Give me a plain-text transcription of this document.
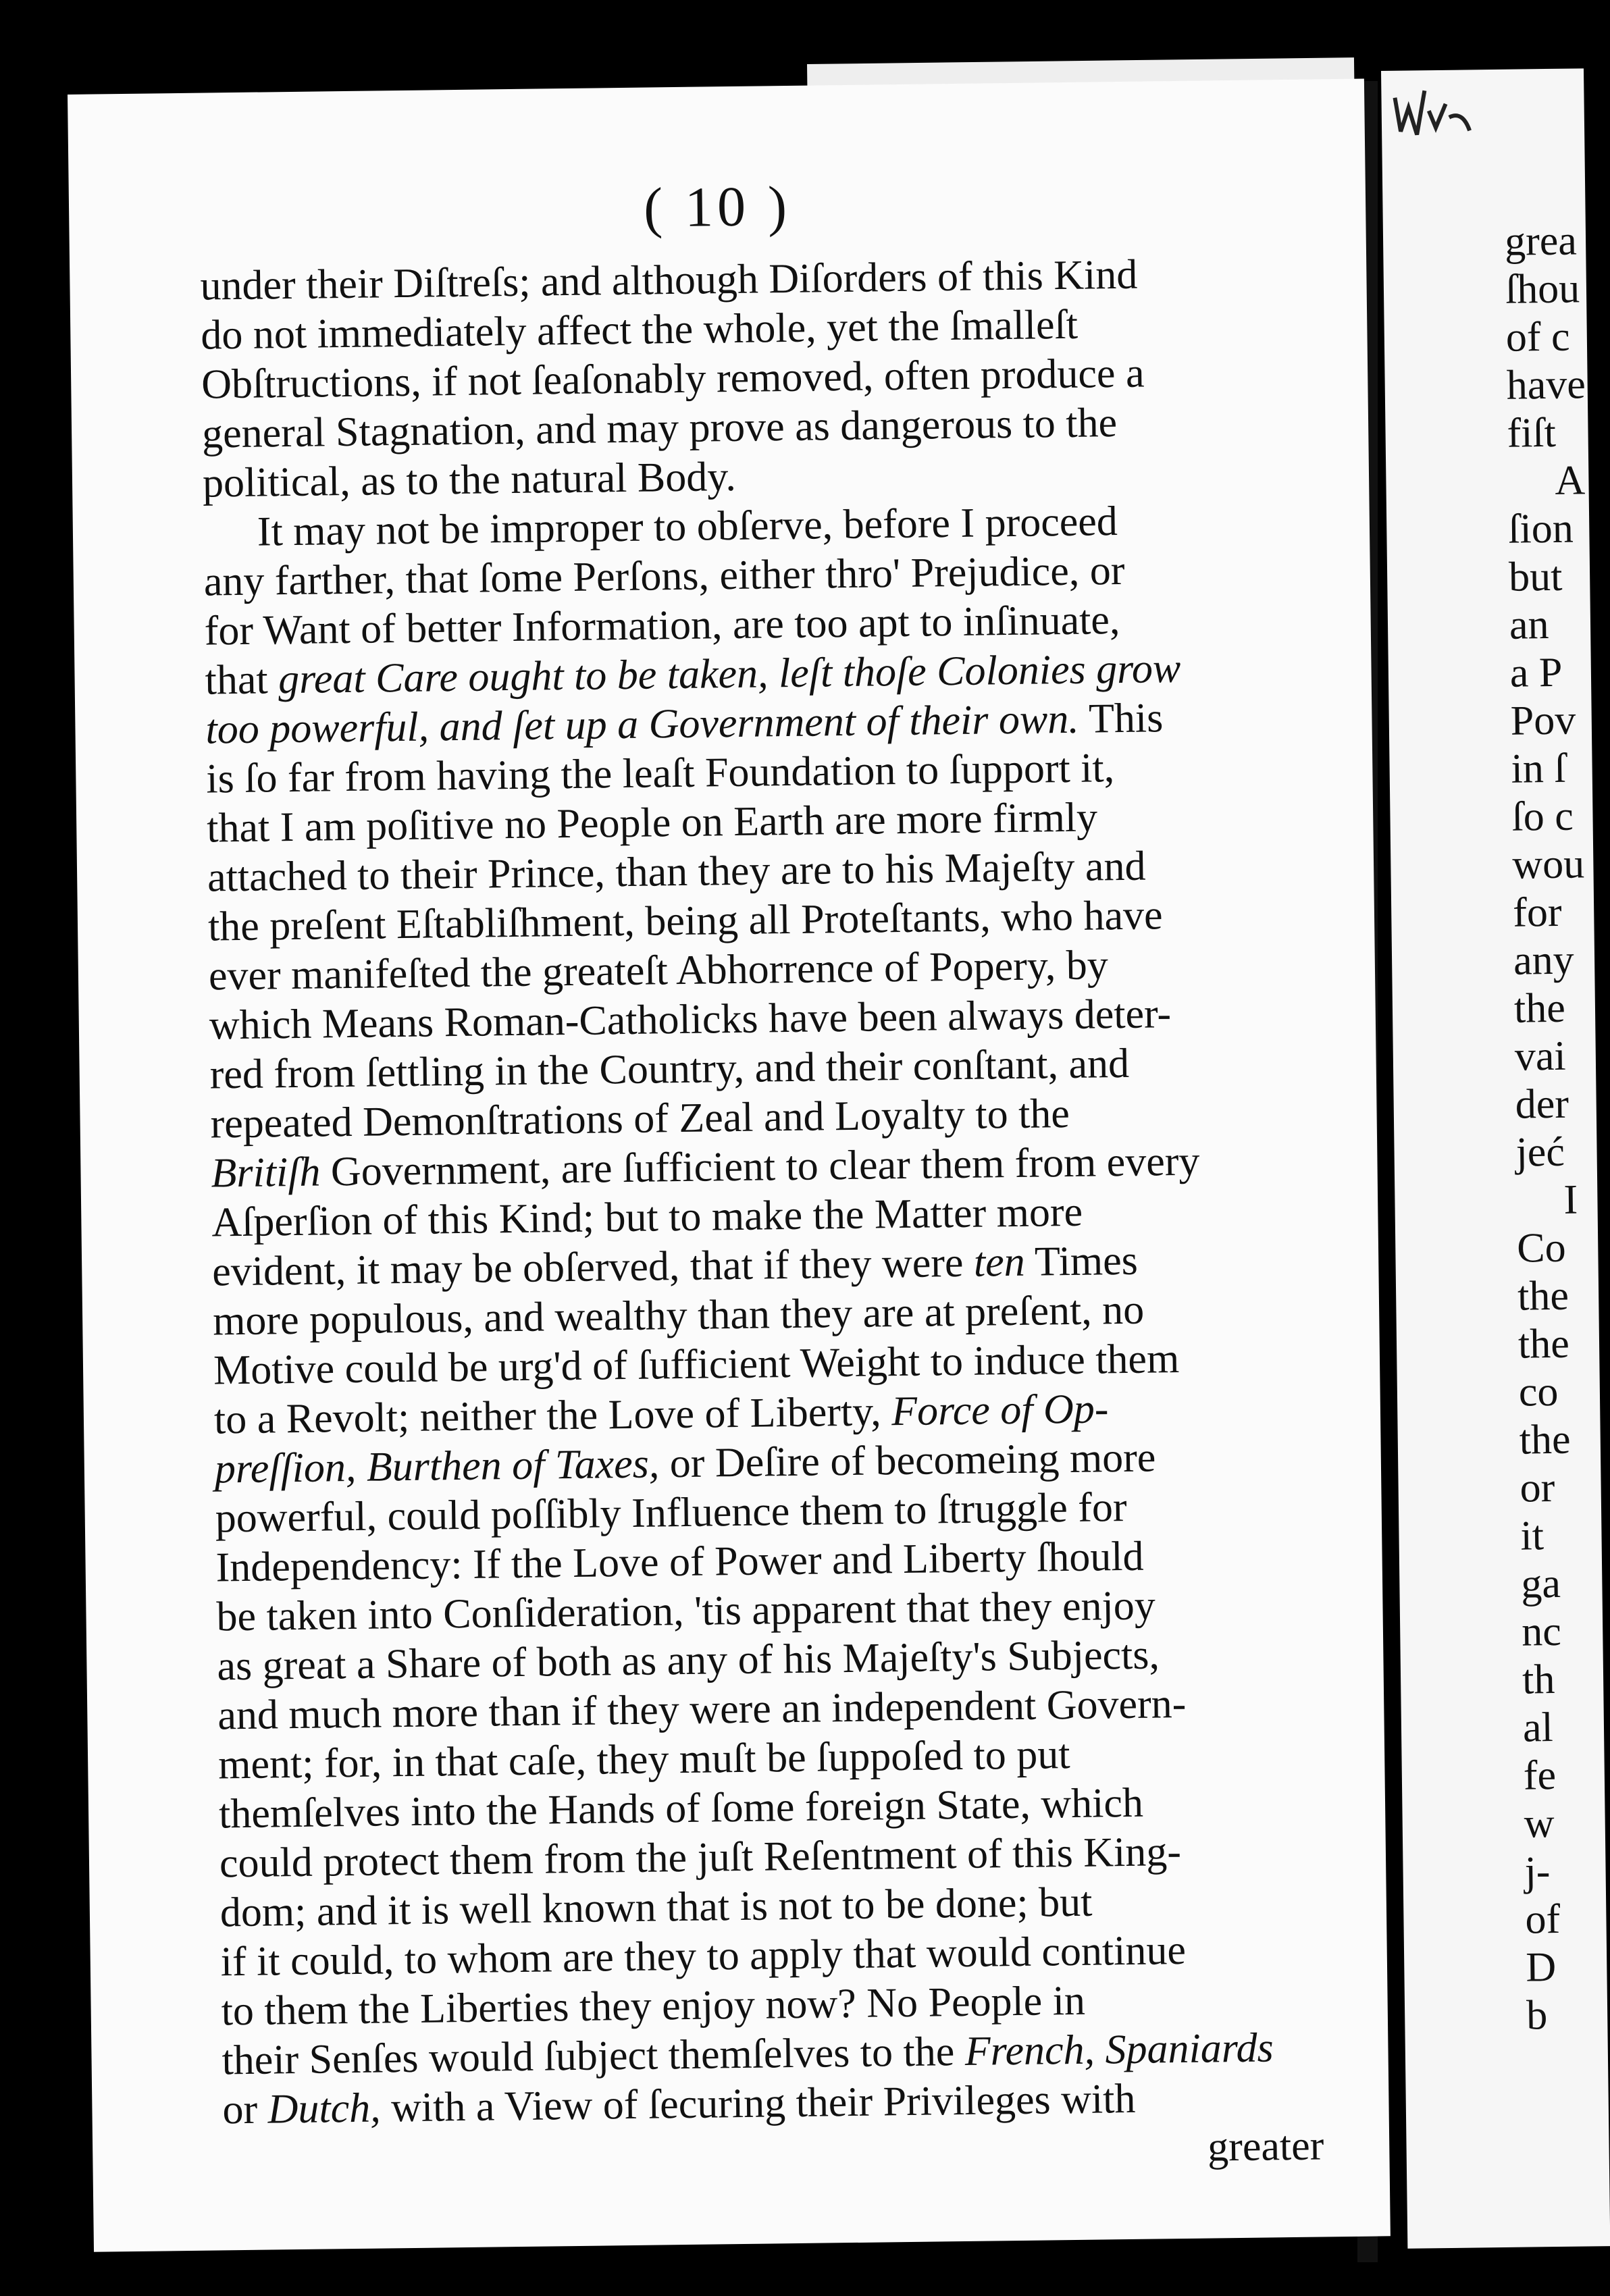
( 10 )
under their Diſtreſs; and although Diſorders of this Kind
do not immediately affect the whole, yet the ſmalleſt
Obſtructions, if not ſeaſonably removed, often produce a
general Stagnation, and may prove as dangerous to the
political, as to the natural Body.
It may not be improper to obſerve, before I proceed
any farther, that ſome Perſons, either thro' Prejudice, or
for Want of better Information, are too apt to inſinuate,
that great Care ought to be taken, leſt thoſe Colonies grow
too powerful, and ſet up a Government of their own. This
is ſo far from having the leaſt Foundation to ſupport it,
that I am poſitive no People on Earth are more firmly
attached to their Prince, than they are to his Majeſty and
the preſent Eſtabliſhment, being all Proteſtants, who have
ever manifeſted the greateſt Abhorrence of Popery, by
which Means Roman-Catholicks have been always deter-
red from ſettling in the Country, and their conſtant, and
repeated Demonſtrations of Zeal and Loyalty to the
Britiſh Government, are ſufficient to clear them from every
Aſperſion of this Kind; but to make the Matter more
evident, it may be obſerved, that if they were ten Times
more populous, and wealthy than they are at preſent, no
Motive could be urg'd of ſufficient Weight to induce them
to a Revolt; neither the Love of Liberty, Force of Op-
preſſion, Burthen of Taxes, or Deſire of becomeing more
powerful, could poſſibly Influence them to ſtruggle for
Independency: If the Love of Power and Liberty ſhould
be taken into Conſideration, 'tis apparent that they enjoy
as great a Share of both as any of his Majeſty's Subjects,
and much more than if they were an independent Govern-
ment; for, in that caſe, they muſt be ſuppoſed to put
themſelves into the Hands of ſome foreign State, which
could protect them from the juſt Reſentment of this King-
dom; and it is well known that is not to be done; but
if it could, to whom are they to apply that would continue
to them the Liberties they enjoy now? No People in
their Senſes would ſubject themſelves to the French, Spaniards
or Dutch, with a View of ſecuring their Privileges with
greater
grea
ſhou
of c
have
fiſt
A
ſion
but
an
a P
Pov
in ſ
ſo c
wou
for
any
the
vai
der
jeć
I
Co
the
the
co
the
or
it
ga
nc
th
al
fe
w
j-
of
D
b
